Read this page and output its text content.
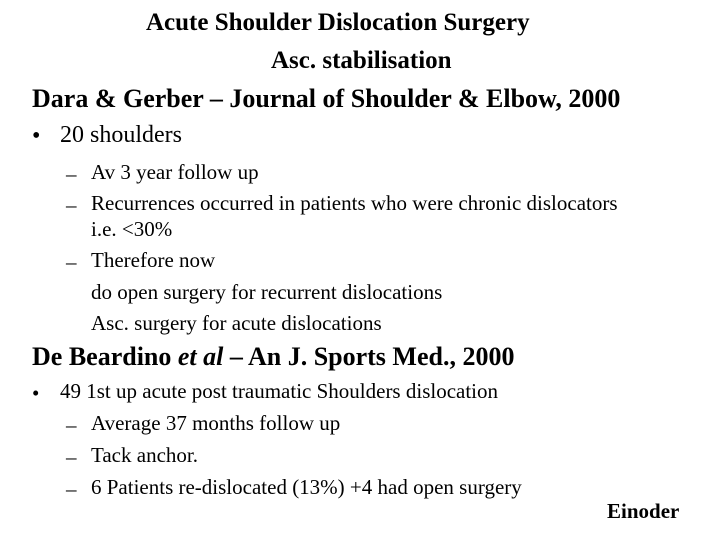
Acute Shoulder Dislocation Surgery
Asc. stabilisation
Dara & Gerber – Journal of Shoulder & Elbow, 2000
• 20 shoulders
– Av 3 year follow up
– Recurrences occurred in patients who were chronic dislocators
i.e. <30%
– Therefore now
do open surgery for recurrent dislocations
Asc. surgery for acute dislocations
De Beardino et al – An J. Sports Med., 2000
• 49 1st up acute post traumatic Shoulders dislocation
– Average 37 months follow up
– Tack anchor.
– 6 Patients re-dislocated (13%) +4 had open surgery
Einoder
